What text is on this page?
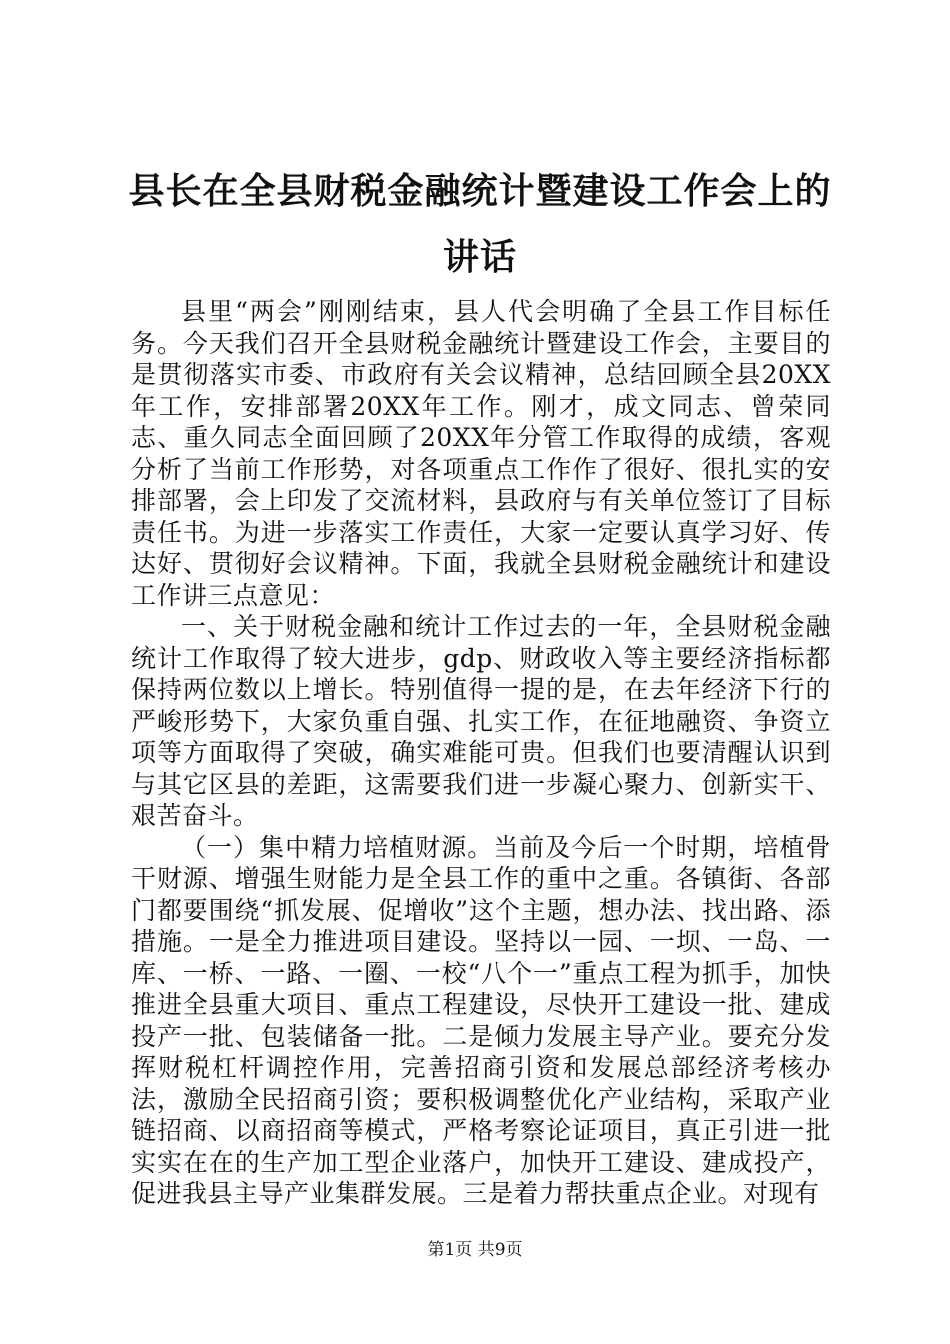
县长在全县财税金融统计暨建设工作会上的讲话

县里“两会”刚刚结束，县人代会明确了全县工作目标任务。今天我们召开全县财税金融统计暨建设工作会，主要目的是贯彻落实市委、市政府有关会议精神，总结回顾全县20XX年工作，安排部署20XX年工作。刚才，成文同志、曾荣同志、重久同志全面回顾了20XX年分管工作取得的成绩，客观分析了当前工作形势，对各项重点工作作了很好、很扎实的安排部署，会上印发了交流材料，县政府与有关单位签订了目标责任书。为进一步落实工作责任，大家一定要认真学习好、传达好、贯彻好会议精神。下面，我就全县财税金融统计和建设工作讲三点意见：

一、关于财税金融和统计工作过去的一年，全县财税金融统计工作取得了较大进步，gdp、财政收入等主要经济指标都保持两位数以上增长。特别值得一提的是，在去年经济下行的严峻形势下，大家负重自强、扎实工作，在征地融资、争资立项等方面取得了突破，确实难能可贵。但我们也要清醒认识到与其它区县的差距，这需要我们进一步凝心聚力、创新实干、艰苦奋斗。

（一）集中精力培植财源。当前及今后一个时期，培植骨干财源、增强生财能力是全县工作的重中之重。各镇街、各部门都要围绕“抓发展、促增收”这个主题，想办法、找出路、添措施。一是全力推进项目建设。坚持以一园、一坝、一岛、一库、一桥、一路、一圈、一校“八个一”重点工程为抓手，加快推进全县重大项目、重点工程建设，尽快开工建设一批、建成投产一批、包装储备一批。二是倾力发展主导产业。要充分发挥财税杠杆调控作用，完善招商引资和发展总部经济考核办法，激励全民招商引资；要积极调整优化产业结构，采取产业链招商、以商招商等模式，严格考察论证项目，真正引进一批实实在在的生产加工型企业落户，加快开工建设、建成投产，促进我县主导产业集群发展。三是着力帮扶重点企业。对现有

第1页 共9页
